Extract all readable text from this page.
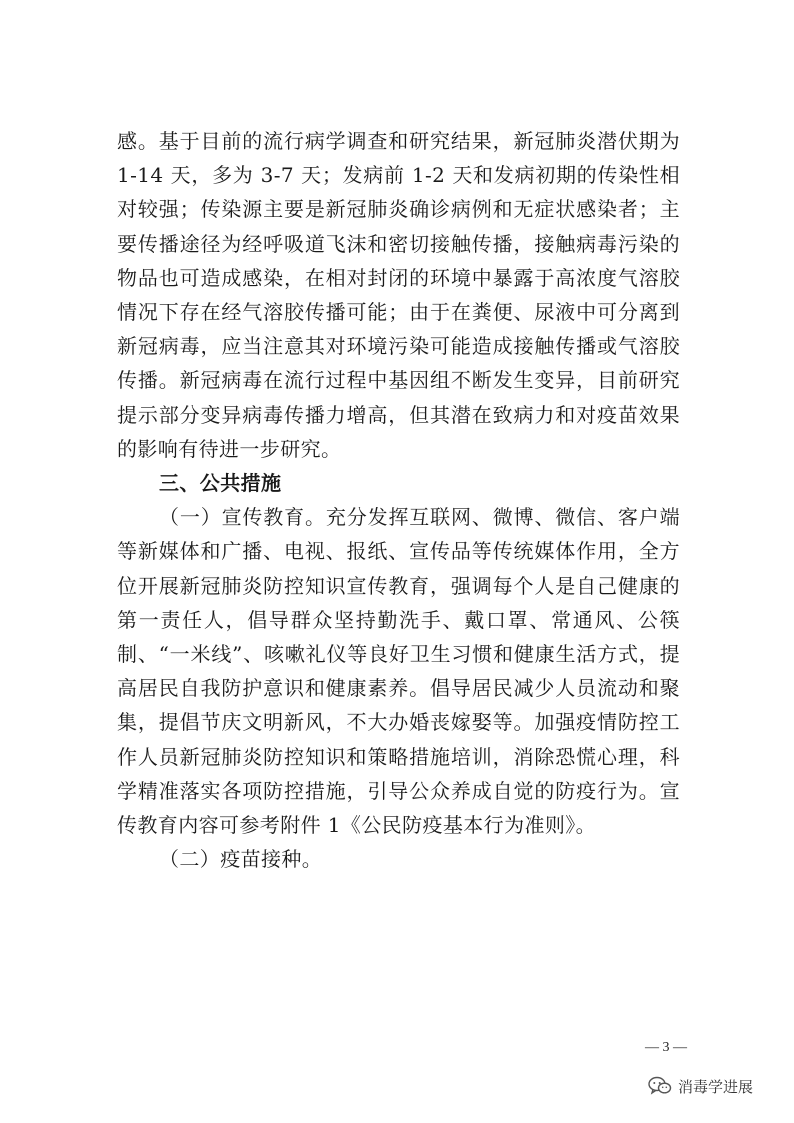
感。基于目前的流行病学调查和研究结果，新冠肺炎潜伏期为1-14 天，多为 3-7 天；发病前 1-2 天和发病初期的传染性相对较强；传染源主要是新冠肺炎确诊病例和无症状感染者；主要传播途径为经呼吸道飞沫和密切接触传播，接触病毒污染的物品也可造成感染，在相对封闭的环境中暴露于高浓度气溶胶情况下存在经气溶胶传播可能；由于在粪便、尿液中可分离到新冠病毒，应当注意其对环境污染可能造成接触传播或气溶胶传播。新冠病毒在流行过程中基因组不断发生变异，目前研究提示部分变异病毒传播力增高，但其潜在致病力和对疫苗效果的影响有待进一步研究。

三、公共措施

（一）宣传教育。充分发挥互联网、微博、微信、客户端等新媒体和广播、电视、报纸、宣传品等传统媒体作用，全方位开展新冠肺炎防控知识宣传教育，强调每个人是自己健康的第一责任人，倡导群众坚持勤洗手、戴口罩、常通风、公筷制、“一米线”、咳嗽礼仪等良好卫生习惯和健康生活方式，提高居民自我防护意识和健康素养。倡导居民减少人员流动和聚集，提倡节庆文明新风，不大办婚丧嫁娶等。加强疫情防控工作人员新冠肺炎防控知识和策略措施培训，消除恐慌心理，科学精准落实各项防控措施，引导公众养成自觉的防疫行为。宣传教育内容可参考附件 1《公民防疫基本行为准则》。

（二）疫苗接种。

— 3 —
消毒学进展
